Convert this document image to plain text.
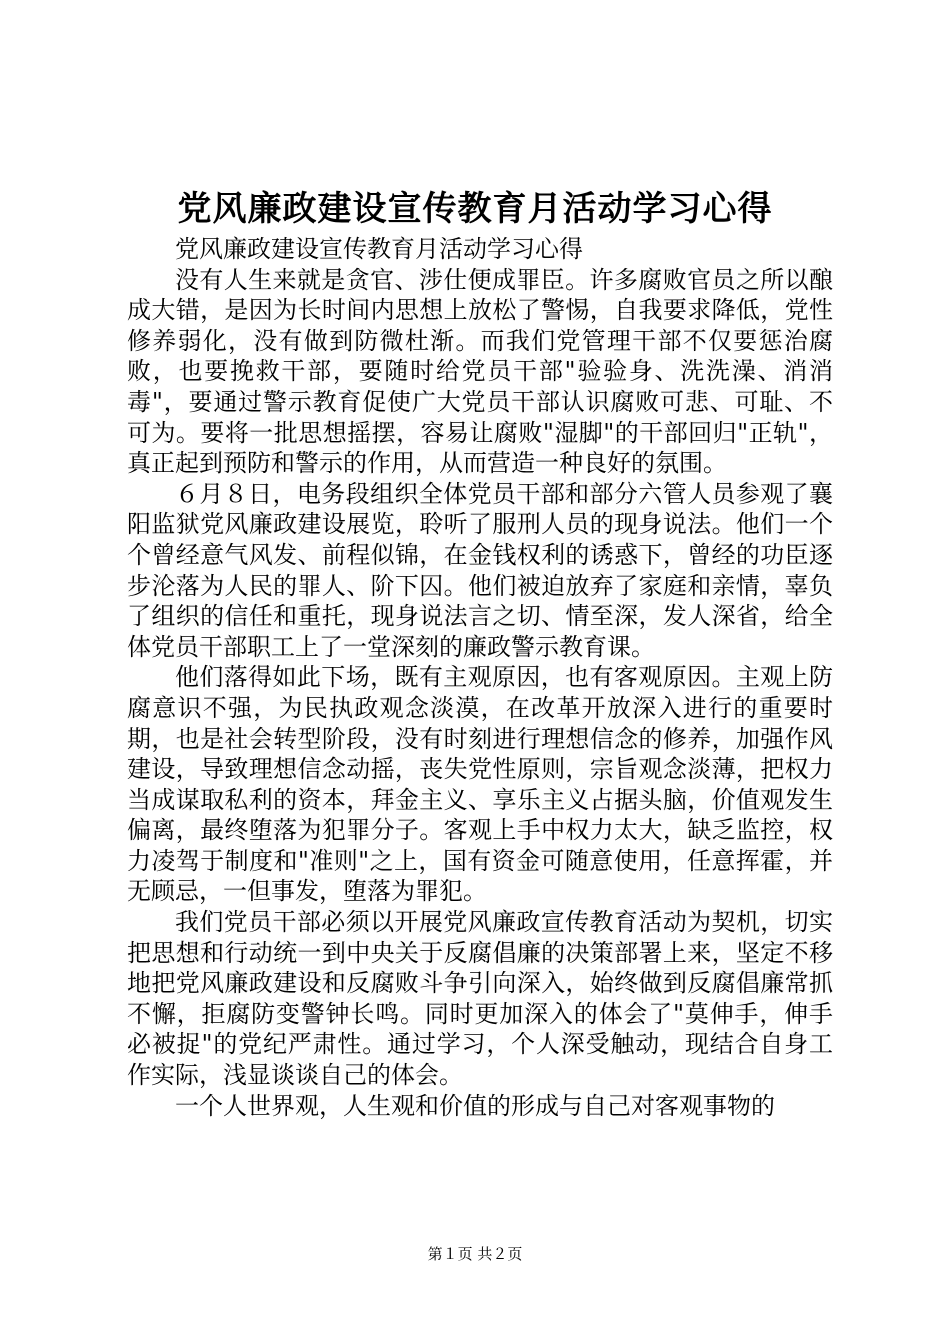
党风廉政建设宣传教育月活动学习心得

党风廉政建设宣传教育月活动学习心得

没有人生来就是贪官、涉仕便成罪臣。许多腐败官员之所以酿成大错，是因为长时间内思想上放松了警惕，自我要求降低，党性修养弱化，没有做到防微杜渐。而我们党管理干部不仅要惩治腐败，也要挽救干部，要随时给党员干部"验验身、洗洗澡、消消毒"，要通过警示教育促使广大党员干部认识腐败可悲、可耻、不可为。要将一批思想摇摆，容易让腐败"湿脚"的干部回归"正轨"，真正起到预防和警示的作用，从而营造一种良好的氛围。

６月８日，电务段组织全体党员干部和部分六管人员参观了襄阳监狱党风廉政建设展览，聆听了服刑人员的现身说法。他们一个个曾经意气风发、前程似锦，在金钱权利的诱惑下，曾经的功臣逐步沦落为人民的罪人、阶下囚。他们被迫放弃了家庭和亲情，辜负了组织的信任和重托，现身说法言之切、情至深，发人深省，给全体党员干部职工上了一堂深刻的廉政警示教育课。

他们落得如此下场，既有主观原因，也有客观原因。主观上防腐意识不强，为民执政观念淡漠，在改革开放深入进行的重要时期，也是社会转型阶段，没有时刻进行理想信念的修养，加强作风建设，导致理想信念动摇，丧失党性原则，宗旨观念淡薄，把权力当成谋取私利的资本，拜金主义、享乐主义占据头脑，价值观发生偏离，最终堕落为犯罪分子。客观上手中权力太大，缺乏监控，权力凌驾于制度和"准则"之上，国有资金可随意使用，任意挥霍，并无顾忌，一但事发，堕落为罪犯。

我们党员干部必须以开展党风廉政宣传教育活动为契机，切实把思想和行动统一到中央关于反腐倡廉的决策部署上来，坚定不移地把党风廉政建设和反腐败斗争引向深入，始终做到反腐倡廉常抓不懈，拒腐防变警钟长鸣。同时更加深入的体会了"莫伸手，伸手必被捉"的党纪严肃性。通过学习，个人深受触动，现结合自身工作实际，浅显谈谈自己的体会。

一个人世界观，人生观和价值的形成与自己对客观事物的

第１页 共２页
